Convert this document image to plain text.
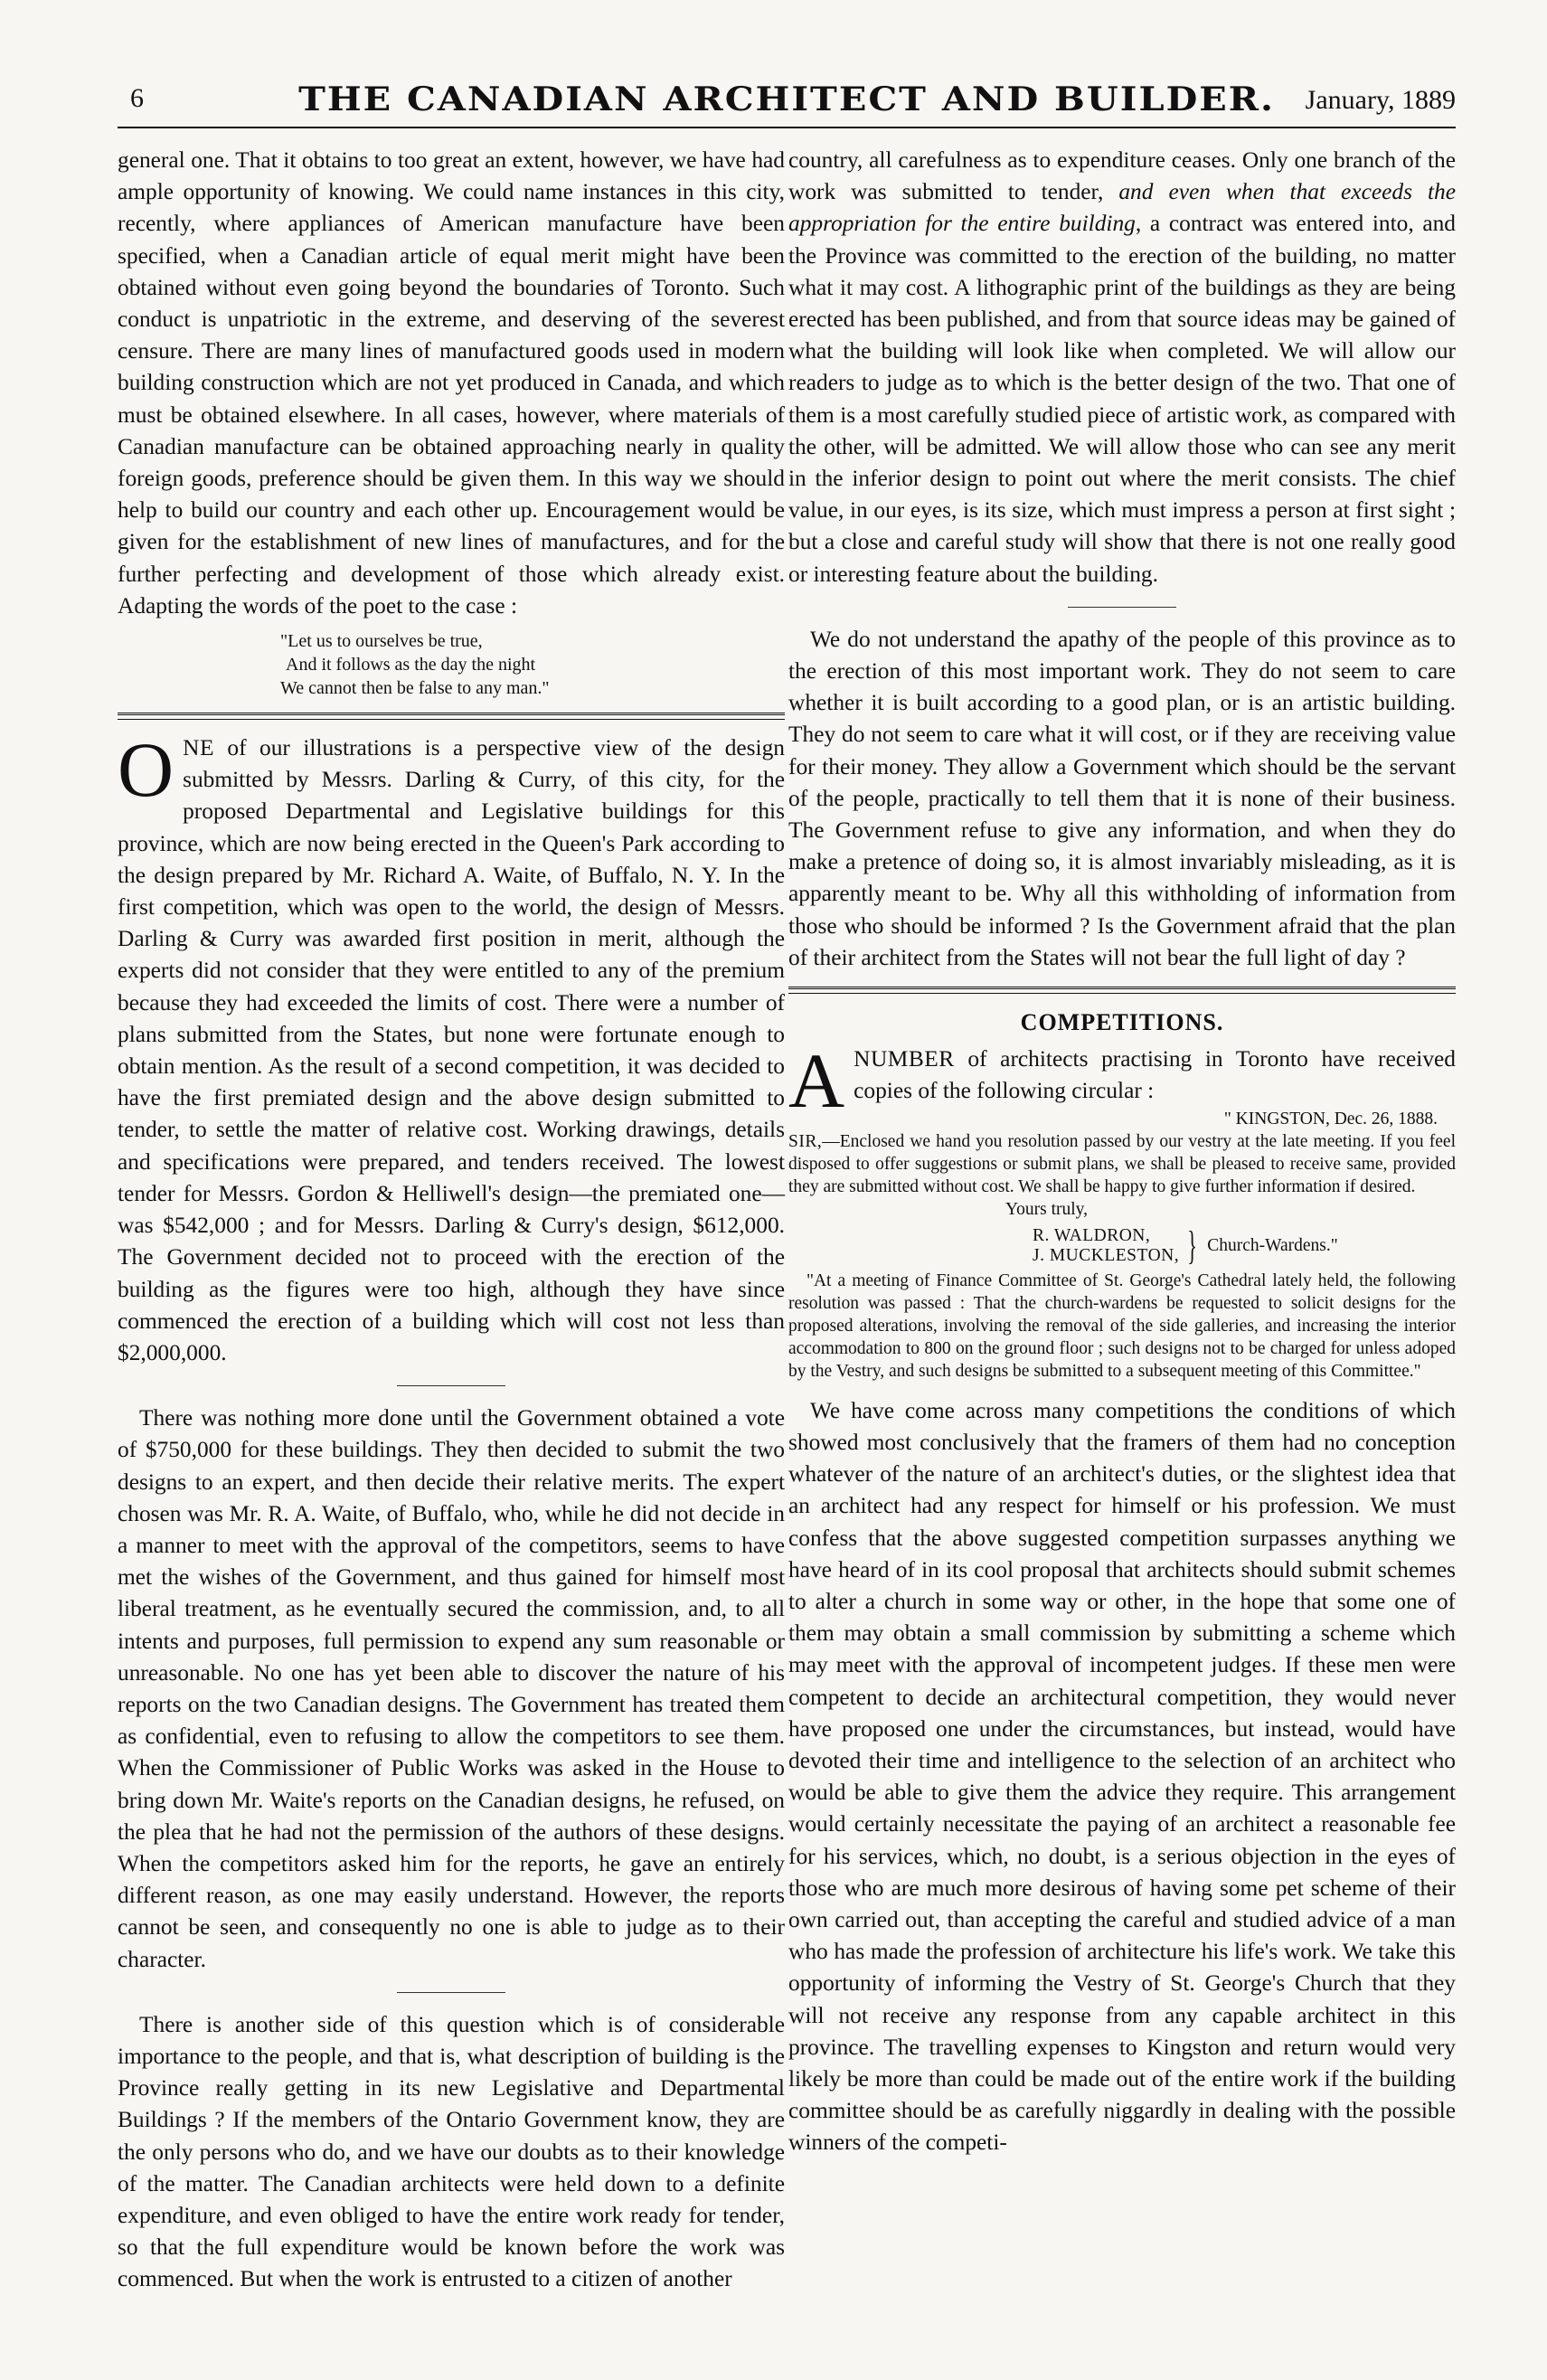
6	THE CANADIAN ARCHITECT AND BUILDER.	January, 1889

general one. That it obtains to too great an extent, however, we have had ample opportunity of knowing. We could name instances in this city, recently, where appliances of American manufacture have been specified, when a Canadian article of equal merit might have been obtained without even going beyond the boundaries of Toronto. Such conduct is unpatriotic in the extreme, and deserving of the severest censure. There are many lines of manufactured goods used in modern building construction which are not yet produced in Canada, and which must be obtained elsewhere. In all cases, however, where materials of Canadian manufacture can be obtained approaching nearly in quality foreign goods, preference should be given them. In this way we should help to build our country and each other up. Encouragement would be given for the establishment of new lines of manufactures, and for the further perfecting and development of those which already exist. Adapting the words of the poet to the case :

"Let us to ourselves be true,
And it follows as the day the night
We cannot then be false to any man."

ONE of our illustrations is a perspective view of the design submitted by Messrs. Darling & Curry, of this city, for the proposed Departmental and Legislative buildings for this province, which are now being erected in the Queen's Park according to the design prepared by Mr. Richard A. Waite, of Buffalo, N. Y. In the first competition, which was open to the world, the design of Messrs. Darling & Curry was awarded first position in merit, although the experts did not consider that they were entitled to any of the premium because they had exceeded the limits of cost. There were a number of plans submitted from the States, but none were fortunate enough to obtain mention. As the result of a second competition, it was decided to have the first premiated design and the above design submitted to tender, to settle the matter of relative cost. Working drawings, details and specifications were prepared, and tenders received. The lowest tender for Messrs. Gordon & Helliwell's design—the premiated one—was $542,000 ; and for Messrs. Darling & Curry's design, $612,000. The Government decided not to proceed with the erection of the building as the figures were too high, although they have since commenced the erection of a building which will cost not less than $2,000,000.

There was nothing more done until the Government obtained a vote of $750,000 for these buildings. They then decided to submit the two designs to an expert, and then decide their relative merits. The expert chosen was Mr. R. A. Waite, of Buffalo, who, while he did not decide in a manner to meet with the approval of the competitors, seems to have met the wishes of the Government, and thus gained for himself most liberal treatment, as he eventually secured the commission, and, to all intents and purposes, full permission to expend any sum reasonable or unreasonable. No one has yet been able to discover the nature of his reports on the two Canadian designs. The Government has treated them as confidential, even to refusing to allow the competitors to see them. When the Commissioner of Public Works was asked in the House to bring down Mr. Waite's reports on the Canadian designs, he refused, on the plea that he had not the permission of the authors of these designs. When the competitors asked him for the reports, he gave an entirely different reason, as one may easily understand. However, the reports cannot be seen, and consequently no one is able to judge as to their character.

There is another side of this question which is of considerable importance to the people, and that is, what description of building is the Province really getting in its new Legislative and Departmental Buildings ? If the members of the Ontario Government know, they are the only persons who do, and we have our doubts as to their knowledge of the matter. The Canadian architects were held down to a definite expenditure, and even obliged to have the entire work ready for tender, so that the full expenditure would be known before the work was commenced. But when the work is entrusted to a citizen of another

country, all carefulness as to expenditure ceases. Only one branch of the work was submitted to tender, and even when that exceeds the appropriation for the entire building, a contract was entered into, and the Province was committed to the erection of the building, no matter what it may cost. A lithographic print of the buildings as they are being erected has been published, and from that source ideas may be gained of what the building will look like when completed. We will allow our readers to judge as to which is the better design of the two. That one of them is a most carefully studied piece of artistic work, as compared with the other, will be admitted. We will allow those who can see any merit in the inferior design to point out where the merit consists. The chief value, in our eyes, is its size, which must impress a person at first sight ; but a close and careful study will show that there is not one really good or interesting feature about the building.

We do not understand the apathy of the people of this province as to the erection of this most important work. They do not seem to care whether it is built according to a good plan, or is an artistic building. They do not seem to care what it will cost, or if they are receiving value for their money. They allow a Government which should be the servant of the people, practically to tell them that it is none of their business. The Government refuse to give any information, and when they do make a pretence of doing so, it is almost invariably misleading, as it is apparently meant to be. Why all this withholding of information from those who should be informed ? Is the Government afraid that the plan of their architect from the States will not bear the full light of day ?

COMPETITIONS.

ANUMBER of architects practising in Toronto have received copies of the following circular :

" KINGSTON, Dec. 26, 1888.

SIR,—Enclosed we hand you resolution passed by our vestry at the late meeting. If you feel disposed to offer suggestions or submit plans, we shall be pleased to receive same, provided they are submitted without cost. We shall be happy to give further information if desired.

Yours truly,
R. WALDRON,
J. MUCKLESTON, } Church-Wardens."

"At a meeting of Finance Committee of St. George's Cathedral lately held, the following resolution was passed : That the church-wardens be requested to solicit designs for the proposed alterations, involving the removal of the side galleries, and increasing the interior accommodation to 800 on the ground floor ; such designs not to be charged for unless adoped by the Vestry, and such designs be submitted to a subsequent meeting of this Committee."

We have come across many competitions the conditions of which showed most conclusively that the framers of them had no conception whatever of the nature of an architect's duties, or the slightest idea that an architect had any respect for himself or his profession. We must confess that the above suggested competition surpasses anything we have heard of in its cool proposal that architects should submit schemes to alter a church in some way or other, in the hope that some one of them may obtain a small commission by submitting a scheme which may meet with the approval of incompetent judges. If these men were competent to decide an architectural competition, they would never have proposed one under the circumstances, but instead, would have devoted their time and intelligence to the selection of an architect who would be able to give them the advice they require. This arrangement would certainly necessitate the paying of an architect a reasonable fee for his services, which, no doubt, is a serious objection in the eyes of those who are much more desirous of having some pet scheme of their own carried out, than accepting the careful and studied advice of a man who has made the profession of architecture his life's work. We take this opportunity of informing the Vestry of St. George's Church that they will not receive any response from any capable architect in this province. The travelling expenses to Kingston and return would very likely be more than could be made out of the entire work if the building committee should be as carefully niggardly in dealing with the possible winners of the competi-
